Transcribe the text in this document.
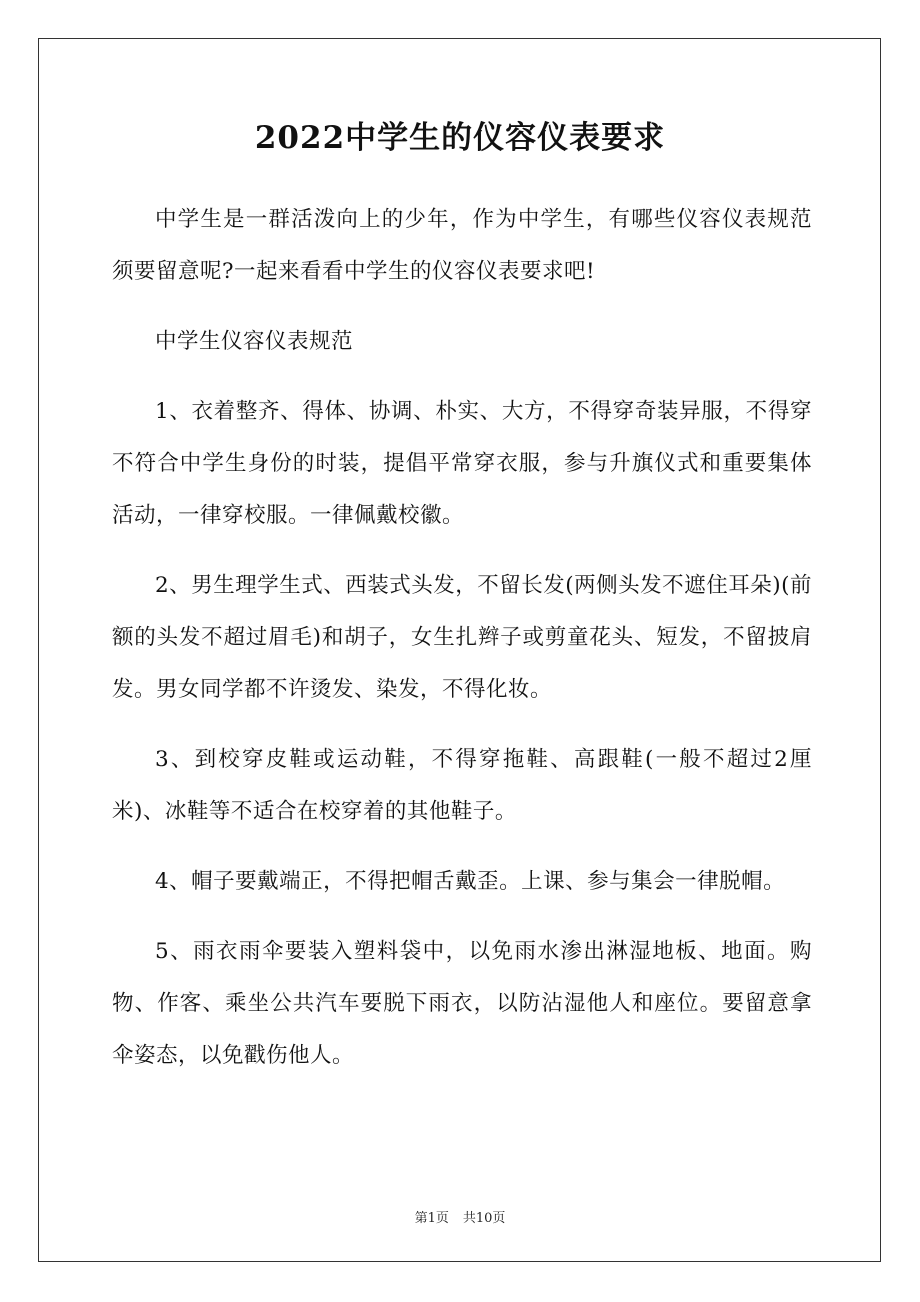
2022中学生的仪容仪表要求

中学生是一群活泼向上的少年，作为中学生，有哪些仪容仪表规范须要留意呢?一起来看看中学生的仪容仪表要求吧!

中学生仪容仪表规范

1、衣着整齐、得体、协调、朴实、大方，不得穿奇装异服，不得穿不符合中学生身份的时装，提倡平常穿衣服，参与升旗仪式和重要集体活动，一律穿校服。一律佩戴校徽。

2、男生理学生式、西装式头发，不留长发(两侧头发不遮住耳朵)(前额的头发不超过眉毛)和胡子，女生扎辫子或剪童花头、短发，不留披肩发。男女同学都不许烫发、染发，不得化妆。

3、到校穿皮鞋或运动鞋，不得穿拖鞋、高跟鞋(一般不超过2厘米)、冰鞋等不适合在校穿着的其他鞋子。

4、帽子要戴端正，不得把帽舌戴歪。上课、参与集会一律脱帽。

5、雨衣雨伞要装入塑料袋中，以免雨水渗出淋湿地板、地面。购物、作客、乘坐公共汽车要脱下雨衣，以防沾湿他人和座位。要留意拿伞姿态，以免戳伤他人。

第1页 共10页
